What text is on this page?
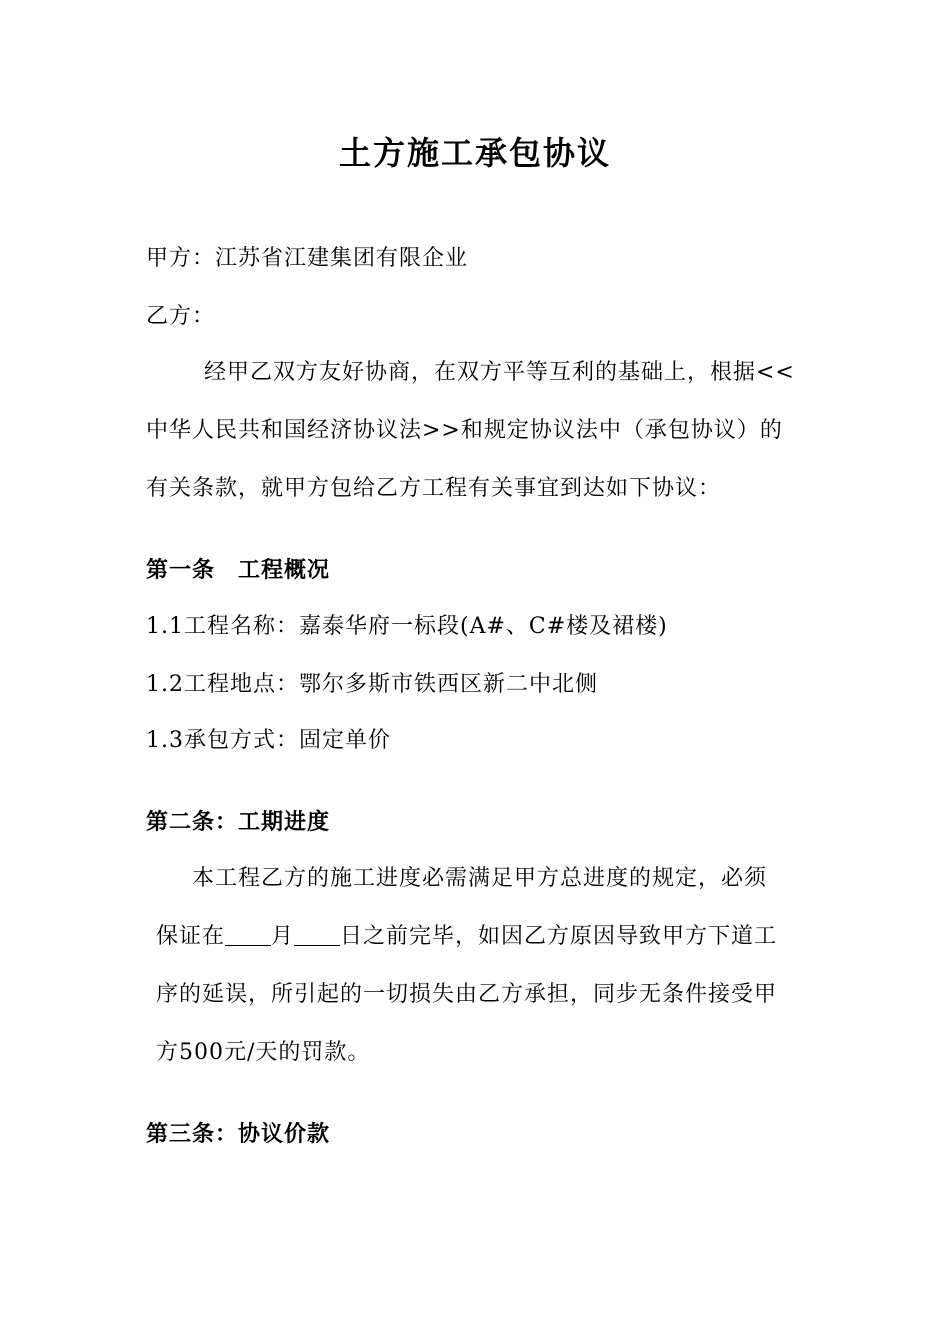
土方施工承包协议
甲方：江苏省江建集团有限企业
乙方：
经甲乙双方友好协商，在双方平等互利的基础上，根据<<
中华人民共和国经济协议法>>和规定协议法中（承包协议）的
有关条款，就甲方包给乙方工程有关事宜到达如下协议：
第一条　工程概况
1.1工程名称：嘉泰华府一标段(A#、C#楼及裙楼)
1.2工程地点：鄂尔多斯市铁西区新二中北侧
1.3承包方式：固定单价
第二条：工期进度
本工程乙方的施工进度必需满足甲方总进度的规定，必须
保证在 月 日之前完毕，如因乙方原因导致甲方下道工
序的延误，所引起的一切损失由乙方承担，同步无条件接受甲
方500元/天的罚款。
第三条：协议价款
